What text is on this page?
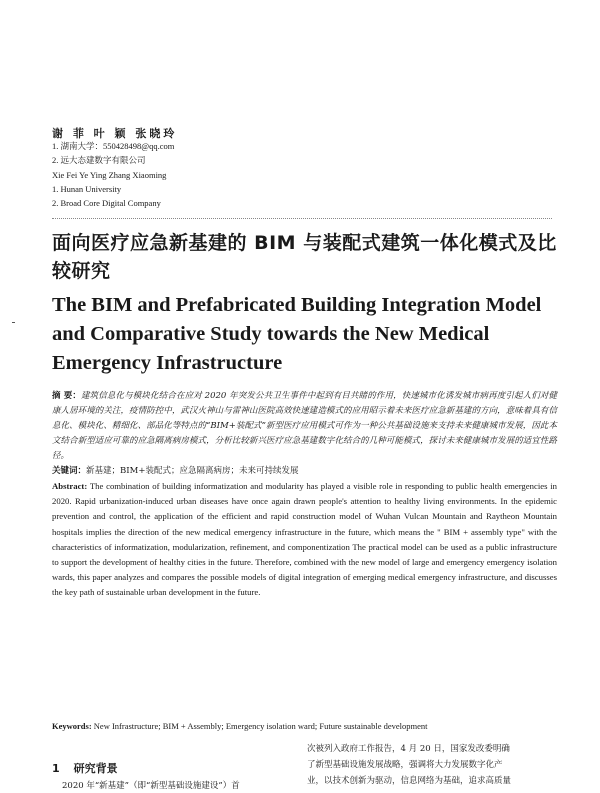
谢 菲 叶 颖 张晓玲
1. 湖南大学：550428498@qq.com
2. 远大态建数字有限公司
Xie Fei Ye Ying Zhang Xiaoming
1. Hunan University
2. Broad Core Digital Company
面向医疗应急新基建的 BIM 与装配式建筑一体化模式及比较研究
The BIM and Prefabricated Building Integration Model and Comparative Study towards the New Medical Emergency Infrastructure
摘 要：建筑信息化与模块化结合在应对 2020 年突发公共卫生事件中起到有目共睹的作用，快速城市化诱发城市病再度引起人们对健康人居环境的关注，疫情防控中，武汉火神山与雷神山医院高效快速建造模式的应用昭示着未来医疗应急新基建的方向，意味着具有信息化、模块化、精细化、部品化等特点的“BIM+装配式”新型医疗应用模式可作为一种公共基础设施来支持未来健康城市发展，因此本文结合新型适应可靠的应急隔离病房模式，分析比较新兴医疗应急基建数字化结合的几种可能模式，探讨未来健康城市发展的适宜性路径。
关键词：新基建；BIM+装配式；应急隔离病房；未来可持续发展
Abstract: The combination of building informatization and modularity has played a visible role in responding to public health emergencies in 2020. Rapid urbanization-induced urban diseases have once again drawn people's attention to healthy living environments. In the epidemic prevention and control, the application of the efficient and rapid construction model of Wuhan Vulcan Mountain and Raytheon Mountain hospitals implies the direction of the new medical emergency infrastructure in the future, which means the " BIM + assembly type" with the characteristics of informatization, modularization, refinement, and componentization The practical model can be used as a public infrastructure to support the development of healthy cities in the future. Therefore, combined with the new model of large and emergency emergency isolation wards, this paper analyzes and compares the possible models of digital integration of emerging medical emergency infrastructure, and discusses the key path of sustainable urban development in the future.
Keywords: New Infrastructure; BIM + Assembly; Emergency isolation ward; Future sustainable development
1 研究背景
2020 年“新基建”（即“新型基础设施建设”）首
次被列入政府工作报告，4 月 20 日，国家发改委明确
了新型基础设施发展战略，强调将大力发展数字化产
业，以技术创新为驱动，信息网络为基础，追求高质量
